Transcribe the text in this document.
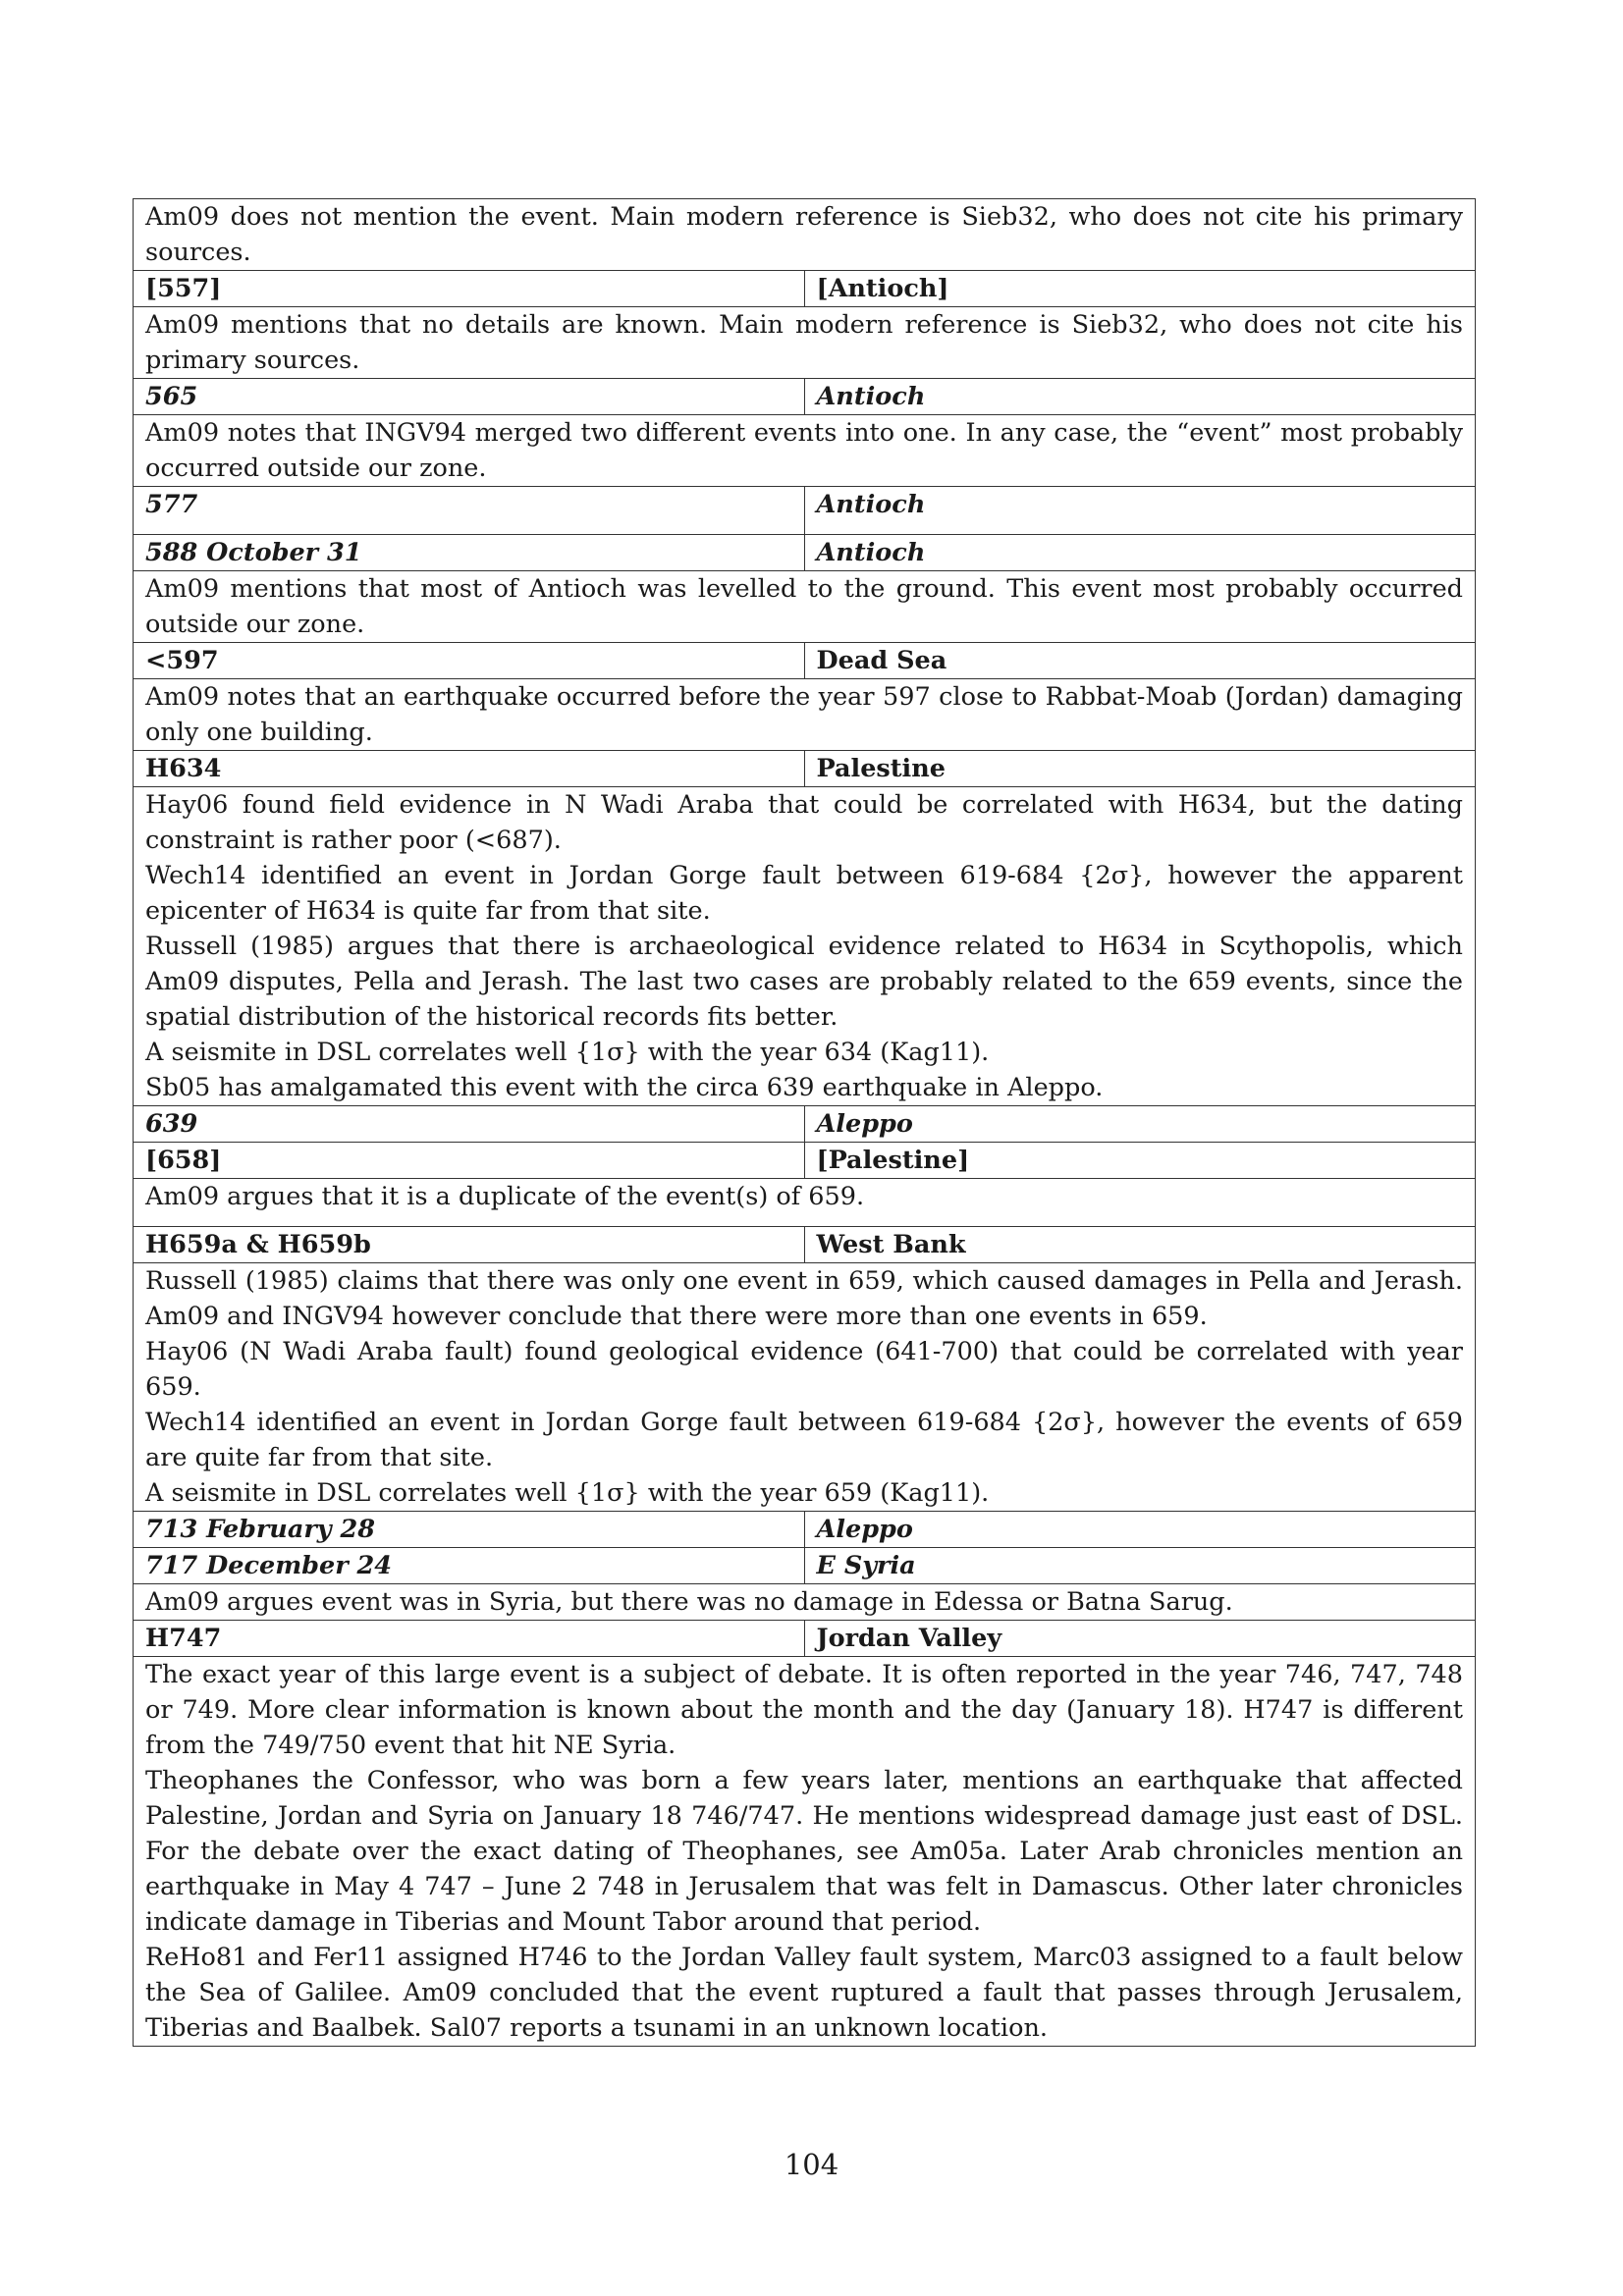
Am09 does not mention the event. Main modern reference is Sieb32, who does not cite his primary sources.	

[557]	[Antioch]

Am09 mentions that no details are known. Main modern reference is Sieb32, who does not cite his primary sources.	

565	Antioch

Am09 notes that INGV94 merged two different events into one. In any case, the “event” most probably occurred outside our zone.	

577	Antioch
588 October 31	Antioch

Am09 mentions that most of Antioch was levelled to the ground. This event most probably occurred outside our zone.	

<597	Dead Sea

Am09 notes that an earthquake occurred before the year 597 close to Rabbat-Moab (Jordan) damaging only one building.	

H634	Palestine

Hay06 found field evidence in N Wadi Araba that could be correlated with H634, but the dating constraint is rather poor (<687).
Wech14 identified an event in Jordan Gorge fault between 619-684 {2σ}, however the apparent epicenter of H634 is quite far from that site.
Russell (1985) argues that there is archaeological evidence related to H634 in Scythopolis, which Am09 disputes, Pella and Jerash. The last two cases are probably related to the 659 events, since the spatial distribution of the historical records fits better.
A seismite in DSL correlates well {1σ} with the year 634 (Kag11).
Sb05 has amalgamated this event with the circa 639 earthquake in Aleppo.	

639	Aleppo
[658]	[Palestine]

Am09 argues that it is a duplicate of the event(s) of 659.	

H659a & H659b	West Bank

Russell (1985) claims that there was only one event in 659, which caused damages in Pella and Jerash. Am09 and INGV94 however conclude that there were more than one events in 659.
Hay06 (N Wadi Araba fault) found geological evidence (641-700) that could be correlated with year 659.
Wech14 identified an event in Jordan Gorge fault between 619-684 {2σ}, however the events of 659 are quite far from that site.
A seismite in DSL correlates well {1σ} with the year 659 (Kag11).	

713 February 28	Aleppo
717 December 24	E Syria

Am09 argues event was in Syria, but there was no damage in Edessa or Batna Sarug.	

H747	Jordan Valley

The exact year of this large event is a subject of debate. It is often reported in the year 746, 747, 748 or 749. More clear information is known about the month and the day (January 18). H747 is different from the 749/750 event that hit NE Syria.
Theophanes the Confessor, who was born a few years later, mentions an earthquake that affected Palestine, Jordan and Syria on January 18 746/747. He mentions widespread damage just east of DSL. For the debate over the exact dating of Theophanes, see Am05a. Later Arab chronicles mention an earthquake in May 4 747 – June 2 748 in Jerusalem that was felt in Damascus. Other later chronicles indicate damage in Tiberias and Mount Tabor around that period.
ReHo81 and Fer11 assigned H746 to the Jordan Valley fault system, Marc03 assigned to a fault below the Sea of Galilee. Am09 concluded that the event ruptured a fault that passes through Jerusalem, Tiberias and Baalbek. Sal07 reports a tsunami in an unknown location.	
104
